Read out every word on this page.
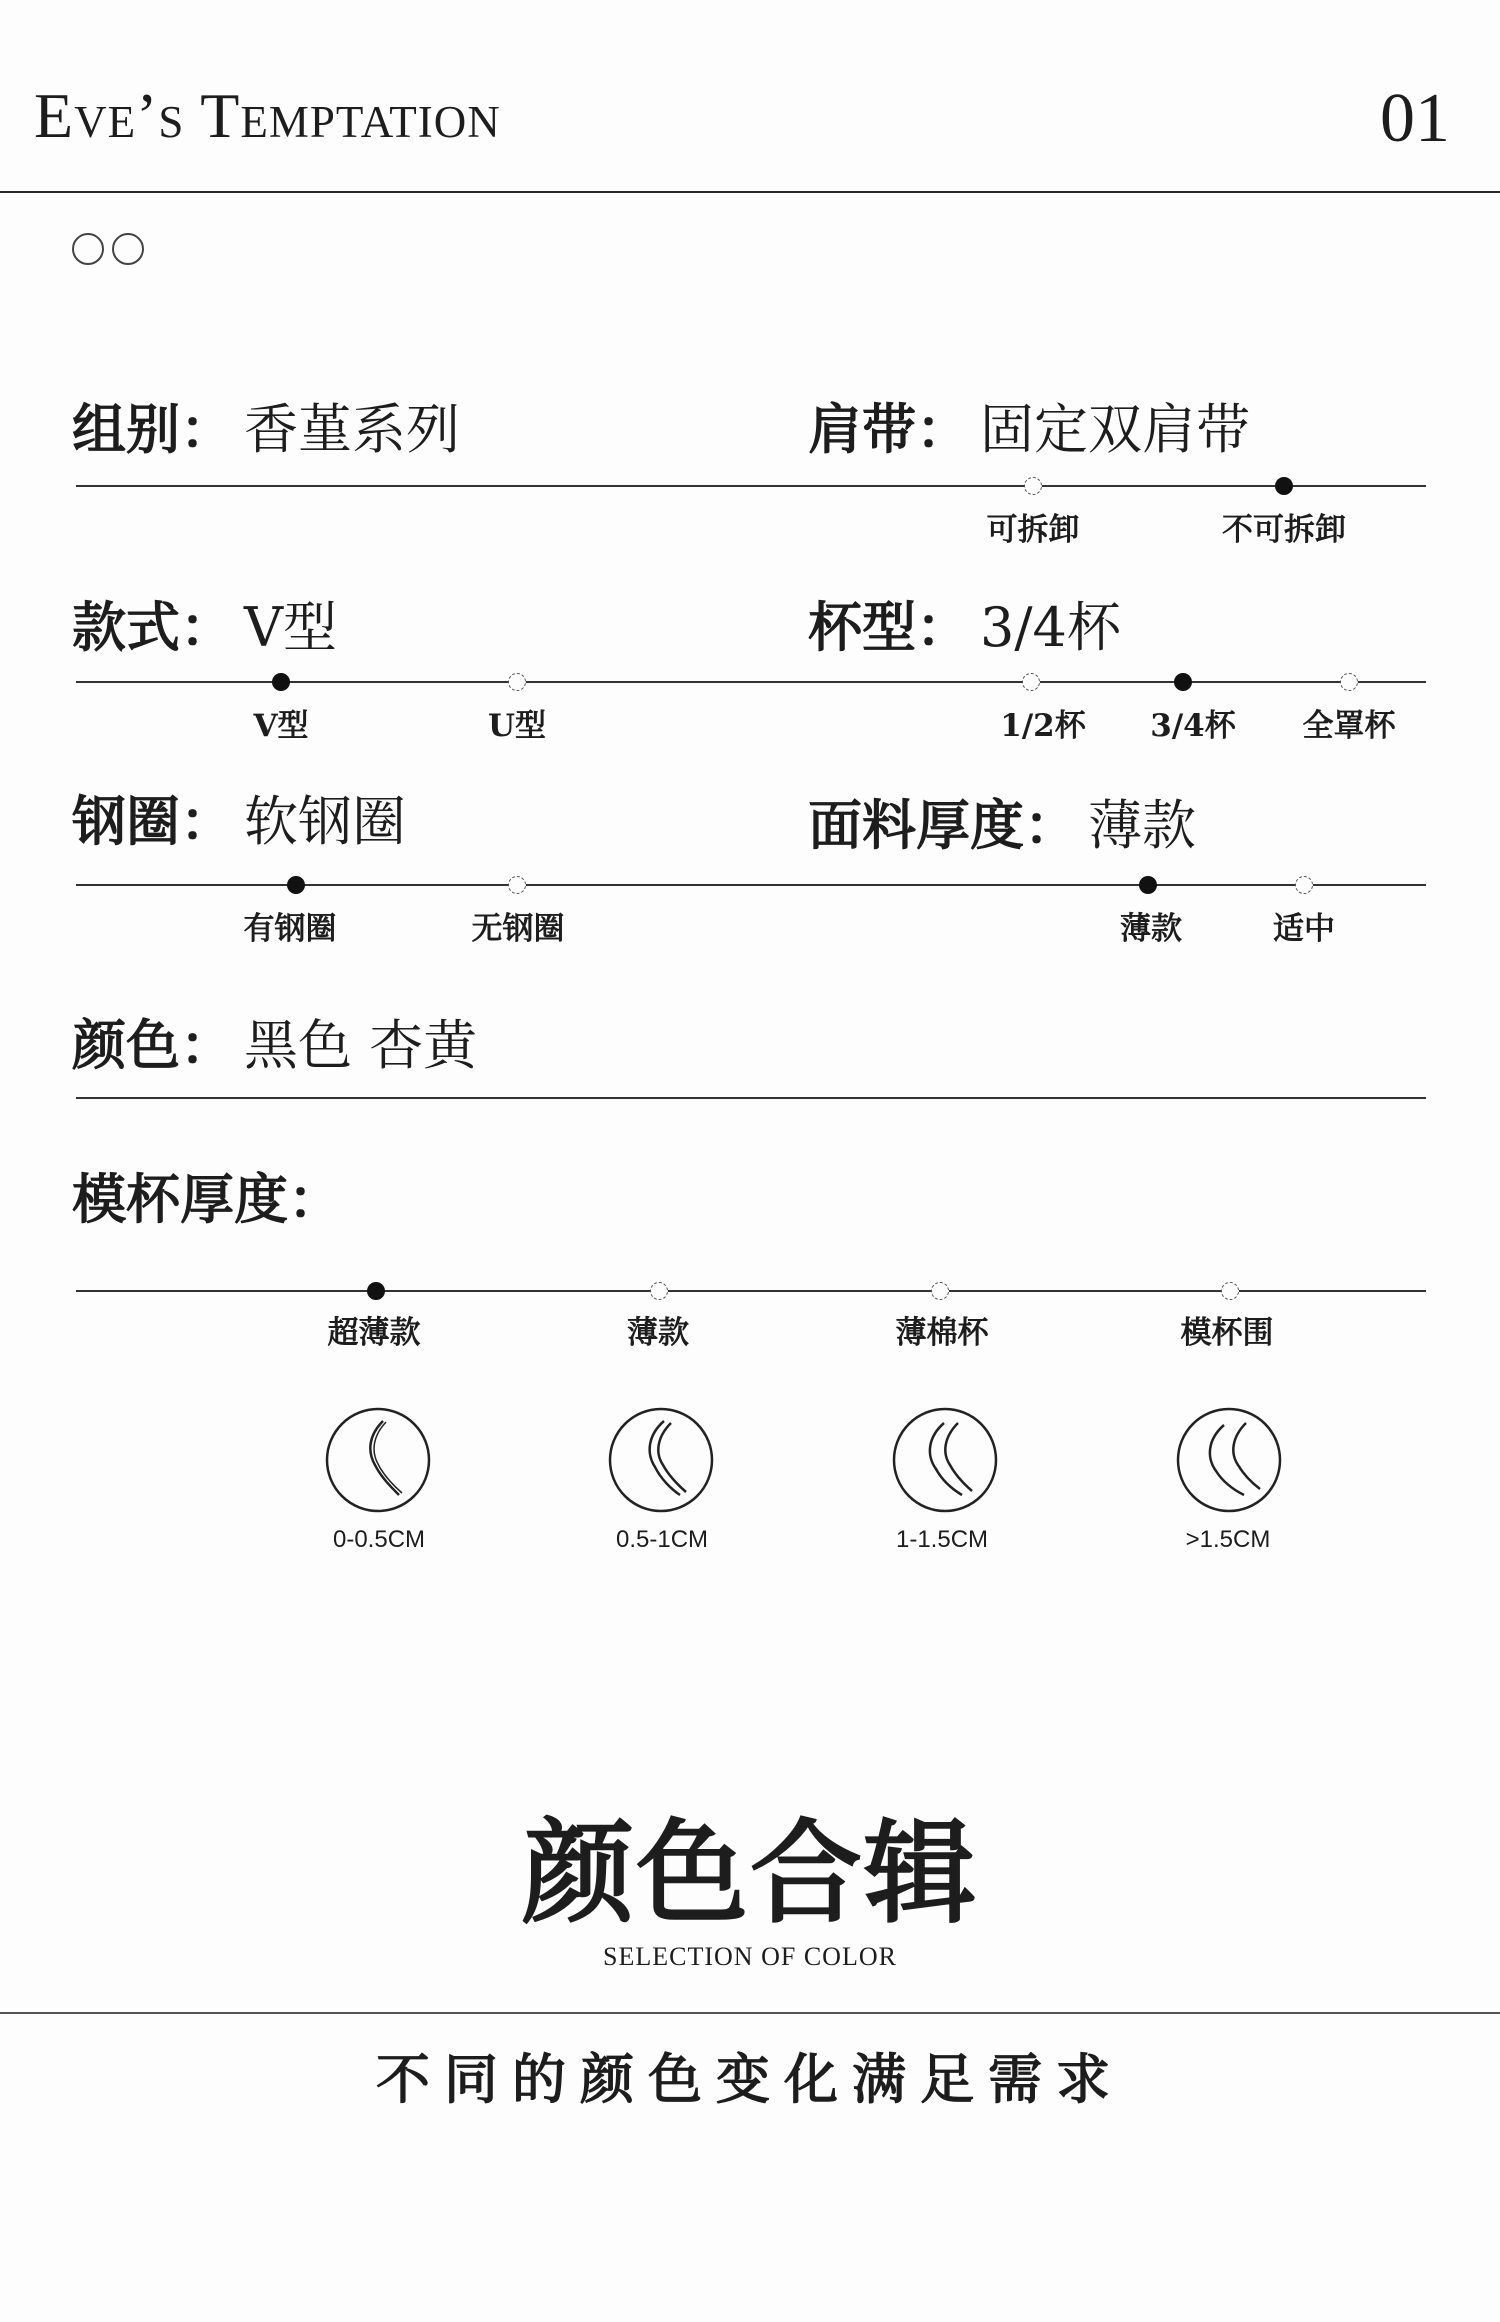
Eve’s Temptation	01
组别： 香堇系列	肩带： 固定双肩带
可拆卸	不可拆卸
款式： V型	杯型： 3/4杯
V型	U型	1/2杯 3/4杯 全罩杯
钢圈： 软钢圈	面料厚度： 薄款
有钢圈	无钢圈	薄款	适中
颜色： 黑色 杏黄
模杯厚度：
超薄款	薄款	薄棉杯	模杯围
0-0.5CM	0.5-1CM	1-1.5CM	>1.5CM
颜色合辑
SELECTION OF COLOR
不同的颜色变化满足需求
